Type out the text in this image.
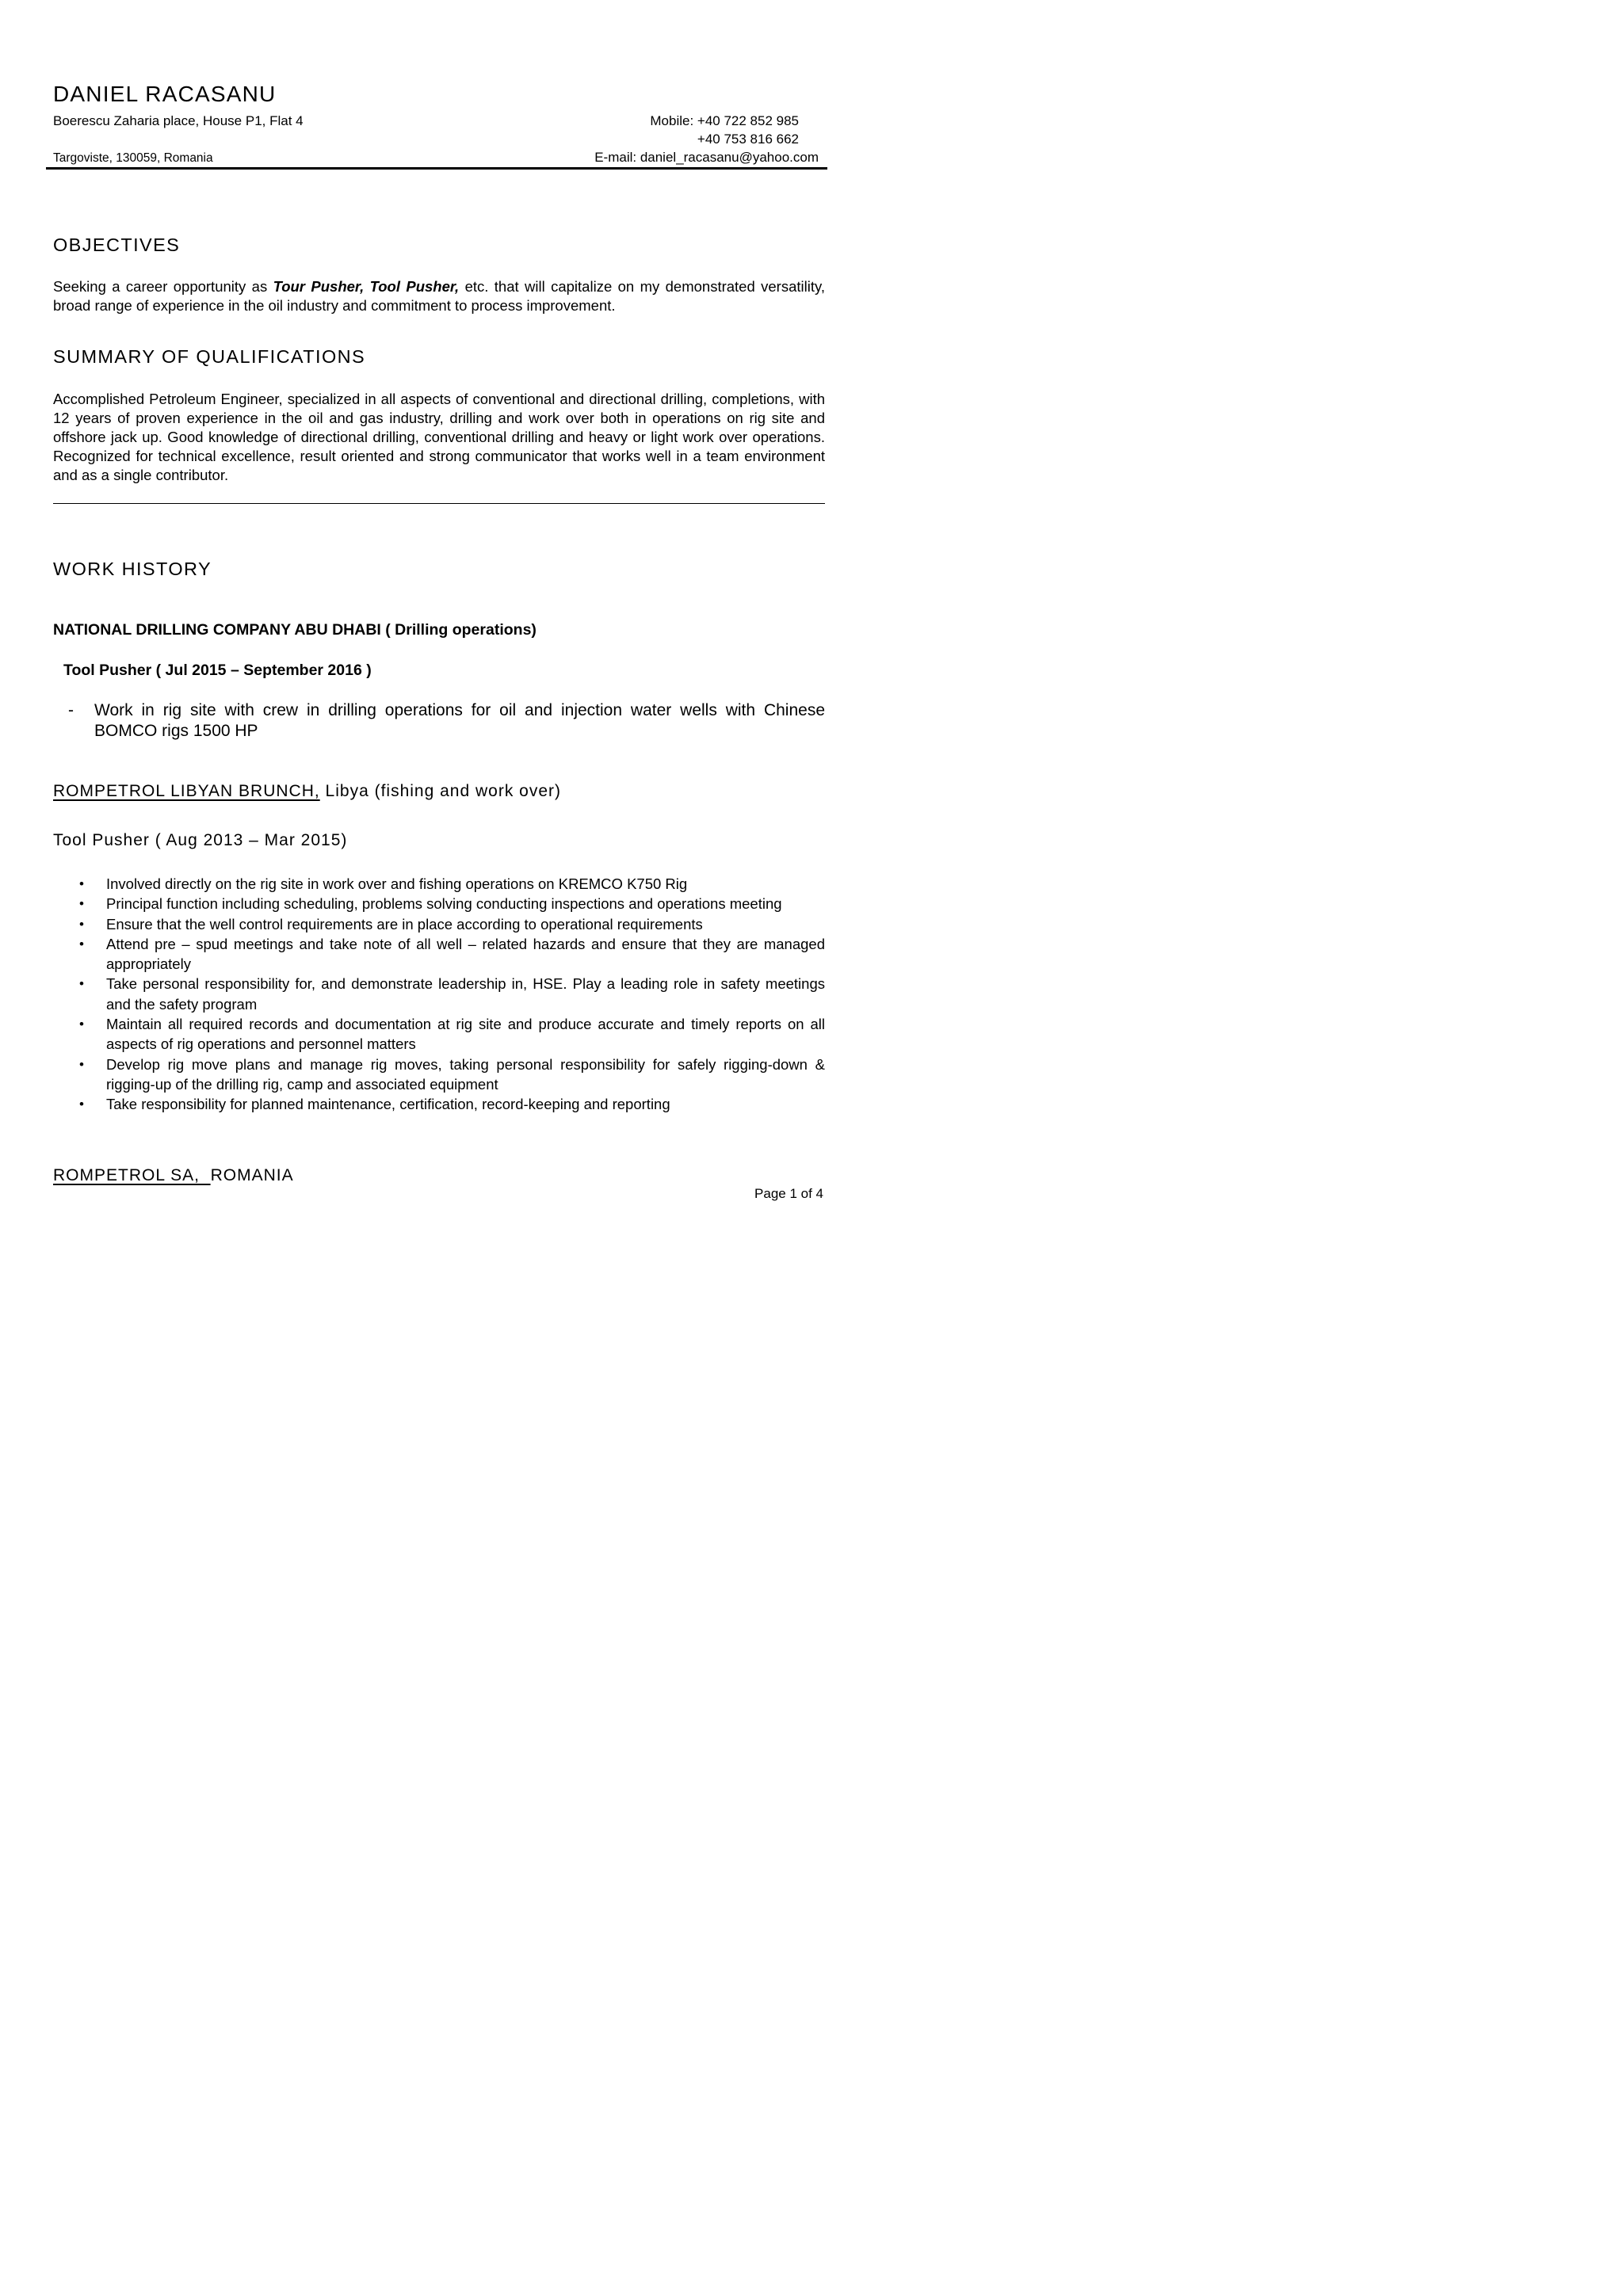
DANIEL RACASANU
Boerescu Zaharia place, House P1, Flat 4
Targoviste, 130059, Romania
Mobile: +40 722 852 985
+40 753 816 662
E-mail: daniel_racasanu@yahoo.com
OBJECTIVES
Seeking a career opportunity as Tour Pusher, Tool Pusher, etc. that will capitalize on my demonstrated versatility, broad range of experience in the oil industry and commitment to process improvement.
SUMMARY OF QUALIFICATIONS
Accomplished Petroleum Engineer, specialized in all aspects of conventional and directional drilling, completions, with 12 years of proven experience in the oil and gas industry, drilling and work over both in operations on rig site and offshore jack up. Good knowledge of directional drilling, conventional drilling and heavy or light work over operations. Recognized for technical excellence, result oriented and strong communicator that works well in a team environment and as a single contributor.
WORK HISTORY
NATIONAL DRILLING COMPANY ABU DHABI ( Drilling operations)
Tool Pusher ( Jul 2015 – September 2016 )
- Work in rig site with crew in drilling operations for oil and injection water wells with Chinese BOMCO rigs 1500 HP
ROMPETROL LIBYAN BRUNCH, Libya (fishing and work over)
Tool Pusher ( Aug 2013 – Mar 2015)
• Involved directly on the rig site in work over and fishing operations on KREMCO K750 Rig
• Principal function including scheduling, problems solving conducting inspections and operations meeting
• Ensure that the well control requirements are in place according to operational requirements
• Attend pre – spud meetings and take note of all well – related hazards and ensure that they are managed appropriately
• Take personal responsibility for, and demonstrate leadership in, HSE. Play a leading role in safety meetings and the safety program
• Maintain all required records and documentation at rig site and produce accurate and timely reports on all aspects of rig operations and personnel matters
• Develop rig move plans and manage rig moves, taking personal responsibility for safely rigging-down & rigging-up of the drilling rig, camp and associated equipment
• Take responsibility for planned maintenance, certification, record-keeping and reporting
ROMPETROL SA,  ROMANIA
Page 1 of 4
